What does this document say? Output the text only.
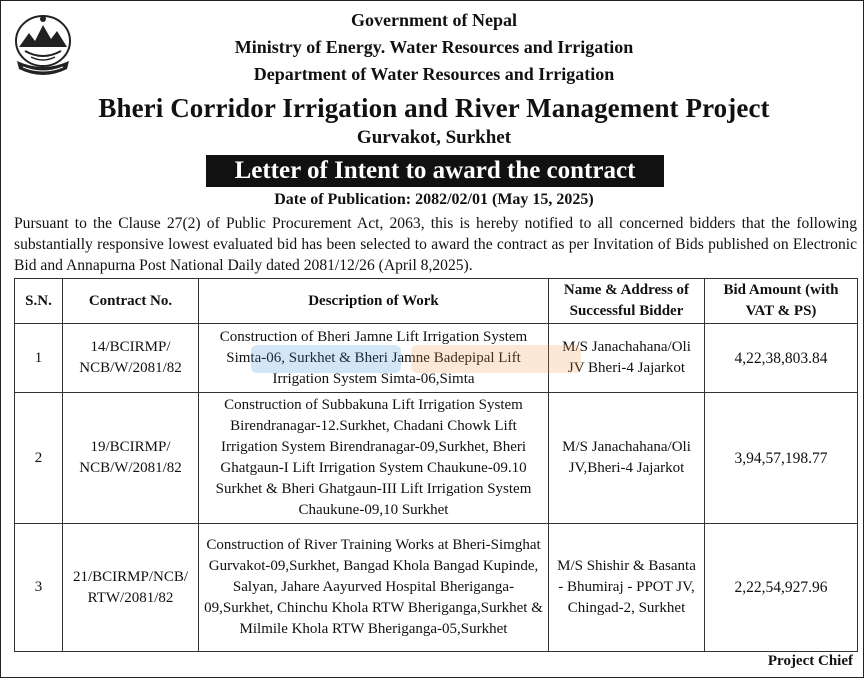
Government of Nepal
Ministry of Energy. Water Resources and Irrigation
Department of Water Resources and Irrigation
Bheri Corridor Irrigation and River Management Project
Gurvakot, Surkhet
Letter of Intent to award the contract
Date of Publication: 2082/02/01 (May 15, 2025)
Pursuant to the Clause 27(2) of Public Procurement Act, 2063, this is hereby notified to all concerned bidders that the following substantially responsive lowest evaluated bid has been selected to award the contract as per Invitation of Bids published on Electronic Bid and Annapurna Post National Daily dated 2081/12/26 (April 8,2025).
S.N.	Contract No.	Description of Work	Name & Address of Successful Bidder	Bid Amount (with VAT & PS)
1	14/BCIRMP/ NCB/W/2081/82	Construction of Bheri Jamne Lift Irrigation System Simta-06, Surkhet & Bheri Jamne Badepipal Lift Irrigation System Simta-06,Simta	M/S Janachahana/Oli JV Bheri-4 Jajarkot	4,22,38,803.84
2	19/BCIRMP/ NCB/W/2081/82	Construction of Subbakuna Lift Irrigation System Birendranagar-12.Surkhet, Chadani Chowk Lift Irrigation System Birendranagar-09,Surkhet, Bheri Ghatgaun-I Lift Irrigation System Chaukune-09.10 Surkhet & Bheri Ghatgaun-III Lift Irrigation System Chaukune-09,10 Surkhet	M/S Janachahana/Oli JV,Bheri-4 Jajarkot	3,94,57,198.77
3	21/BCIRMP/NCB/ RTW/2081/82	Construction of River Training Works at Bheri-Simghat Gurvakot-09,Surkhet, Bangad Khola Bangad Kupinde, Salyan, Jahare Aayurved Hospital Bheriganga-09,Surkhet, Chinchu Khola RTW Bheriganga,Surkhet & Milmile Khola RTW Bheriganga-05,Surkhet	M/S Shishir & Basanta - Bhumiraj - PPOT JV, Chingad-2, Surkhet	2,22,54,927.96
Project Chief
